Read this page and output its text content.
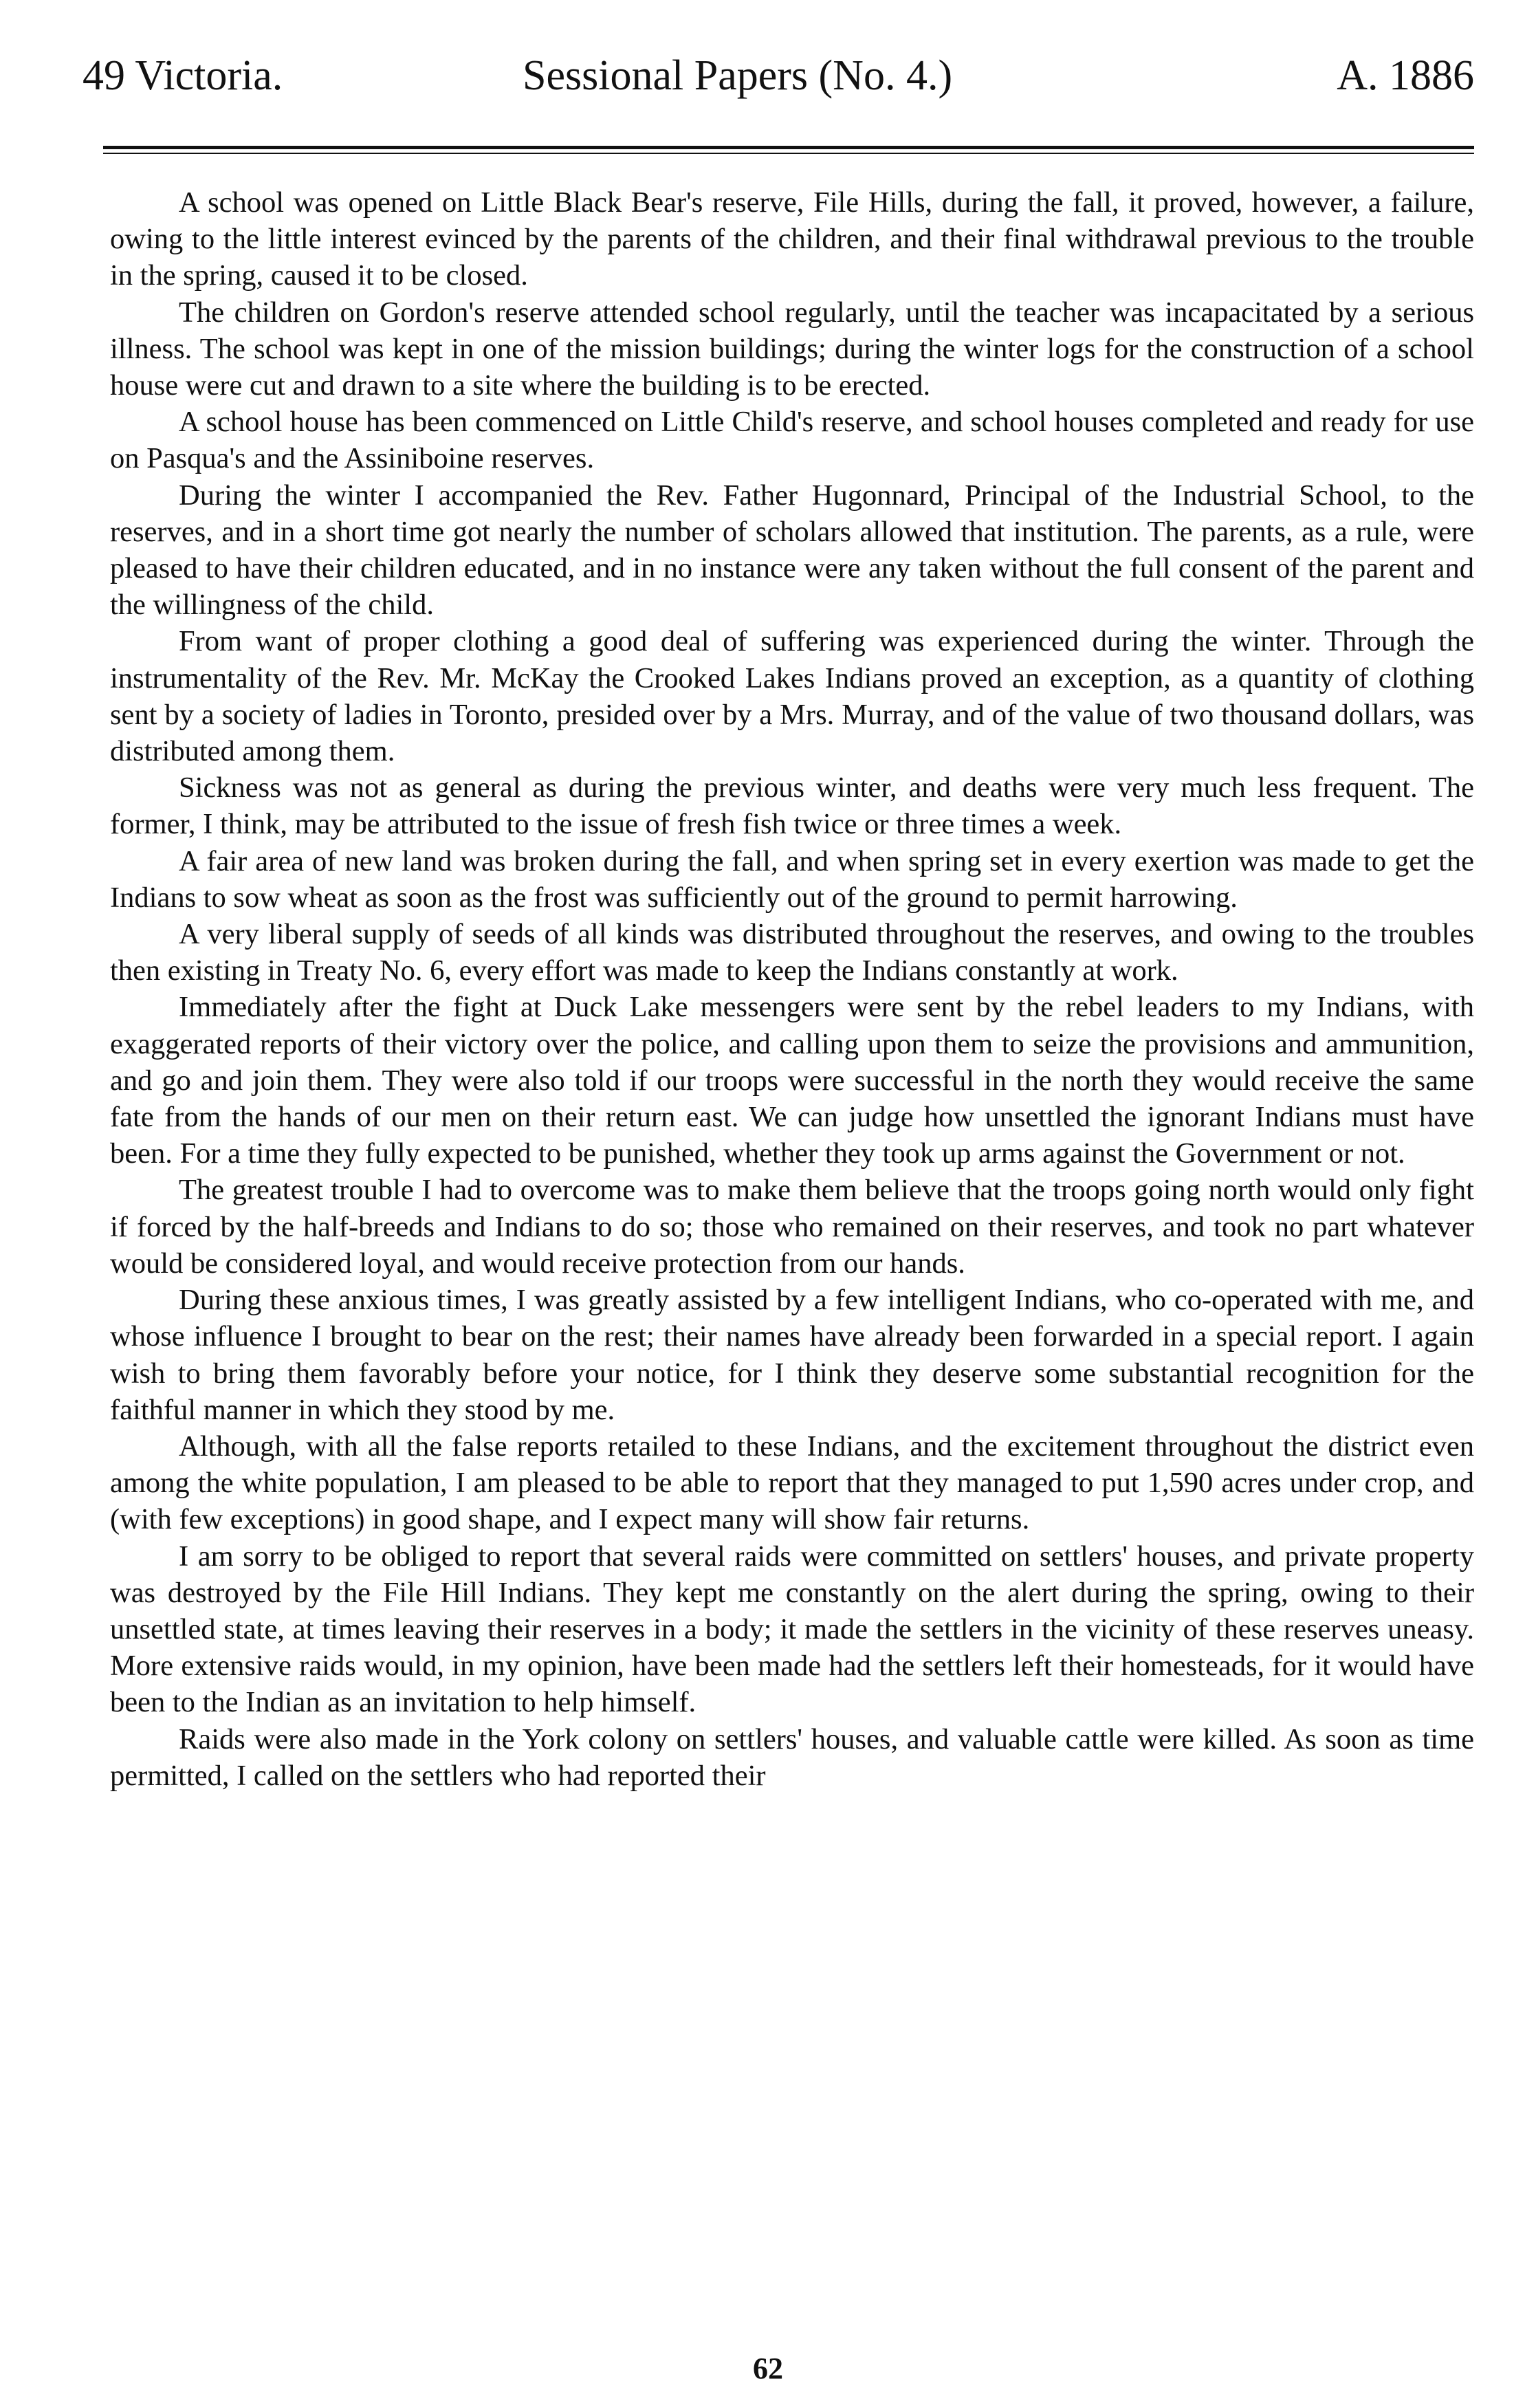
49 Victoria.	Sessional Papers (No. 4.)	A. 1886

A school was opened on Little Black Bear's reserve, File Hills, during the fall, it proved, however, a failure, owing to the little interest evinced by the parents of the children, and their final withdrawal previous to the trouble in the spring, caused it to be closed.

The children on Gordon's reserve attended school regularly, until the teacher was incapacitated by a serious illness. The school was kept in one of the mission buildings; during the winter logs for the construction of a school house were cut and drawn to a site where the building is to be erected.

A school house has been commenced on Little Child's reserve, and school houses completed and ready for use on Pasqua's and the Assiniboine reserves.

During the winter I accompanied the Rev. Father Hugonnard, Principal of the Industrial School, to the reserves, and in a short time got nearly the number of scholars allowed that institution. The parents, as a rule, were pleased to have their children educated, and in no instance were any taken without the full consent of the parent and the willingness of the child.

From want of proper clothing a good deal of suffering was experienced during the winter. Through the instrumentality of the Rev. Mr. McKay the Crooked Lakes Indians proved an exception, as a quantity of clothing sent by a society of ladies in Toronto, presided over by a Mrs. Murray, and of the value of two thousand dollars, was distributed among them.

Sickness was not as general as during the previous winter, and deaths were very much less frequent. The former, I think, may be attributed to the issue of fresh fish twice or three times a week.

A fair area of new land was broken during the fall, and when spring set in every exertion was made to get the Indians to sow wheat as soon as the frost was sufficiently out of the ground to permit harrowing.

A very liberal supply of seeds of all kinds was distributed throughout the reserves, and owing to the troubles then existing in Treaty No. 6, every effort was made to keep the Indians constantly at work.

Immediately after the fight at Duck Lake messengers were sent by the rebel leaders to my Indians, with exaggerated reports of their victory over the police, and calling upon them to seize the provisions and ammunition, and go and join them. They were also told if our troops were successful in the north they would receive the same fate from the hands of our men on their return east. We can judge how unsettled the ignorant Indians must have been. For a time they fully expected to be punished, whether they took up arms against the Government or not.

The greatest trouble I had to overcome was to make them believe that the troops going north would only fight if forced by the half-breeds and Indians to do so; those who remained on their reserves, and took no part whatever would be considered loyal, and would receive protection from our hands.

During these anxious times, I was greatly assisted by a few intelligent Indians, who co-operated with me, and whose influence I brought to bear on the rest; their names have already been forwarded in a special report. I again wish to bring them favorably before your notice, for I think they deserve some substantial recognition for the faithful manner in which they stood by me.

Although, with all the false reports retailed to these Indians, and the excitement throughout the district even among the white population, I am pleased to be able to report that they managed to put 1,590 acres under crop, and (with few exceptions) in good shape, and I expect many will show fair returns.

I am sorry to be obliged to report that several raids were committed on settlers' houses, and private property was destroyed by the File Hill Indians. They kept me constantly on the alert during the spring, owing to their unsettled state, at times leaving their reserves in a body; it made the settlers in the vicinity of these reserves uneasy. More extensive raids would, in my opinion, have been made had the settlers left their homesteads, for it would have been to the Indian as an invitation to help himself.

Raids were also made in the York colony on settlers' houses, and valuable cattle were killed. As soon as time permitted, I called on the settlers who had reported their

62
